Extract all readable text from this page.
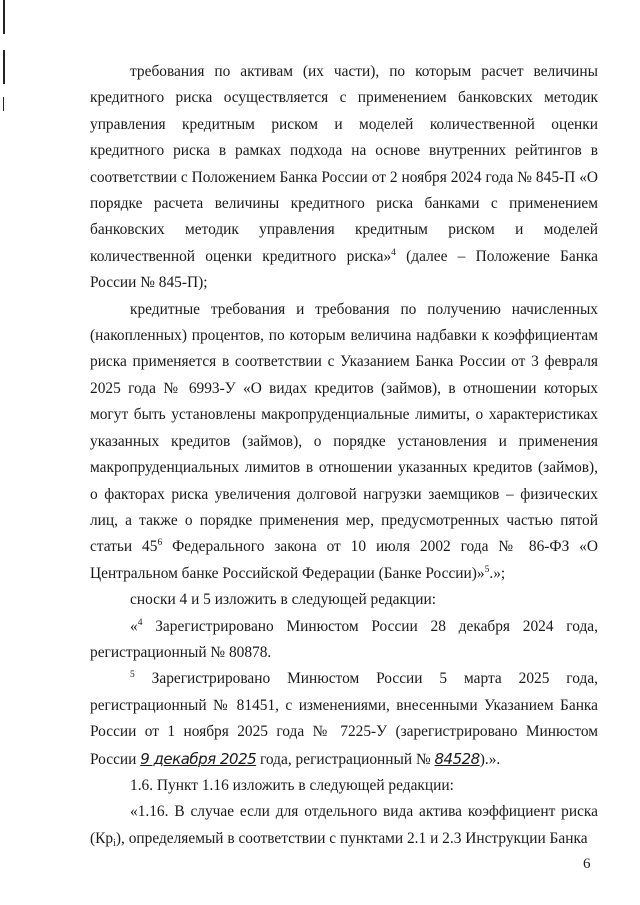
требования по активам (их части), по которым расчет величины кредитного риска осуществляется с применением банковских методик управления кредитным риском и моделей количественной оценки кредитного риска в рамках подхода на основе внутренних рейтингов в соответствии с Положением Банка России от 2 ноября 2024 года № 845-П «О порядке расчета величины кредитного риска банками с применением банковских методик управления кредитным риском и моделей количественной оценки кредитного риска»$^4$ (далее – Положение Банка России № 845-П);

кредитные требования и требования по получению начисленных (накопленных) процентов, по которым величина надбавки к коэффициентам риска применяется в соответствии с Указанием Банка России от 3 февраля 2025 года № 6993-У «О видах кредитов (займов), в отношении которых могут быть установлены макропруденциальные лимиты, о характеристиках указанных кредитов (займов), о порядке установления и применения макропруденциальных лимитов в отношении указанных кредитов (займов), о факторах риска увеличения долговой нагрузки заемщиков – физических лиц, а также о порядке применения мер, предусмотренных частью пятой статьи $45^6$ Федерального закона от 10 июля 2002 года № 86-ФЗ «О Центральном банке Российской Федерации (Банке России)»$^5$.»;

сноски 4 и 5 изложить в следующей редакции:

«$^4$ Зарегистрировано Минюстом России 28 декабря 2024 года, регистрационный № 80878.

$^5$ Зарегистрировано Минюстом России 5 марта 2025 года, регистрационный № 81451, с изменениями, внесенными Указанием Банка России от 1 ноября 2025 года № 7225-У (зарегистрировано Минюстом России 9 декабря 2025 года, регистрационный № 84528).».

1.6. Пункт 1.16 изложить в следующей редакции:

«1.16. В случае если для отдельного вида актива коэффициент риска $(Кр_i)$, определяемый в соответствии с пунктами 2.1 и 2.3 Инструкции Банка

6
